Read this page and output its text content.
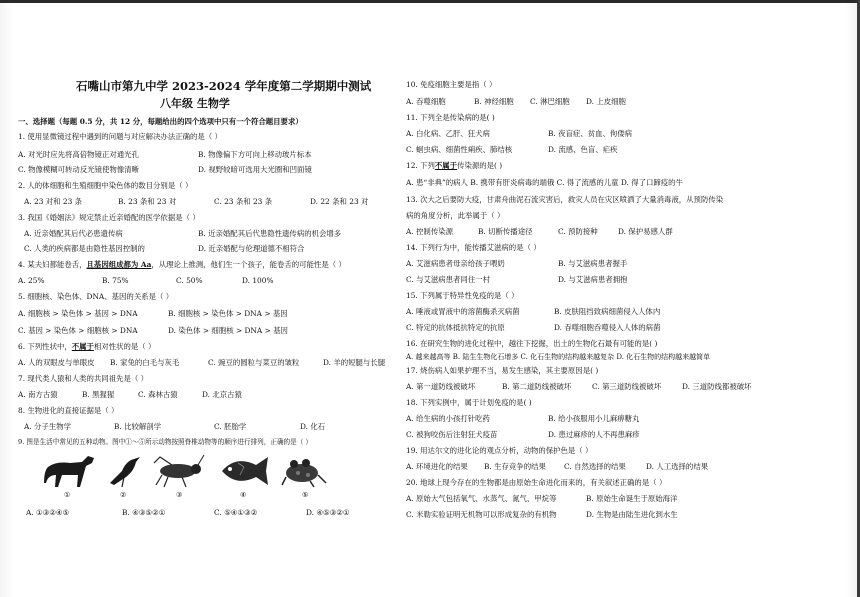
石嘴山市第九中学 2023-2024 学年度第二学期期中测试
八年级 生物学
一、选择题（每题 0.5 分，共 12 分，每题给出的四个选项中只有一个符合题目要求）
1. 使用显微镜过程中遇到的问题与对应解决办法正确的是（ ）
A. 对光时应先将高倍物镜正对通光孔	B. 物像偏下方可向上移动玻片标本
C. 物像模糊可转动反光镜使物像清晰	D. 视野较暗可选用大光圈和凹面镜
2. 人的体细胞和生殖细胞中染色体的数目分别是（ ）
A. 23 对和 23 条	B. 23 条和 23 对	C. 23 条和 23 条	D. 22 条和 23 对
3. 我国《婚姻法》规定禁止近亲婚配的医学依据是（ ）
A. 近亲婚配其后代必患遗传病	B. 近亲婚配其后代患隐性遗传病的机会增多
C. 人类的疾病都是由隐性基因控制的	D. 近亲婚配与伦理道德不相符合
4. 某夫妇都能卷舌，且基因组成都为 Aa，从理论上推测，他们生一个孩子，能卷舌的可能性是（ ）
A. 25%	B. 75%	C. 50%	D. 100%
5. 细胞核、染色体、DNA、基因的关系是（ ）
A. 细胞核 > 染色体 > 基因 > DNA	B. 细胞核 > 染色体 > DNA > 基因
C. 基因 > 染色体 > 细胞核 > DNA	D. 染色体 > 细胞核 > DNA > 基因
6. 下列性状中，不属于相对性状的是（ ）
A. 人的双眼皮与单眼皮 B. 家兔的白毛与灰毛	C. 豌豆的圆粒与菜豆的皱粒	D. 羊的短腿与长腿
7. 现代类人猿和人类的共同祖先是（ ）
A. 南方古猿	B. 黑猩猩	C. 森林古猿	D. 北京古猿
8. 生物进化的直接证据是（ ）
A. 分子生物学	B. 比较解剖学	C. 胚胎学	D. 化石
9. 图是生活中常见的五种动物。图中①～⑤所示动物按照脊椎动物等的顺序进行排列，正确的是（ ）
①	②	③	④	⑤
A. ①③②④⑤	B. ④③⑤②①	C. ⑤④①③②	D. ④⑤③②①
10. 免疫细胞主要是指（ ）
A. 吞噬细胞	B. 神经细胞 C. 淋巴细胞 D. 上皮细胞
11. 下列全是传染病的是( )
A. 白化病、乙肝、狂犬病	B. 夜盲症、贫血、佝偻病
C. 蛔虫病、细菌性痢疾、肺结核	D. 流感、色盲、疟疾
12. 下列不属于传染源的是( )
A. 患“非典”的病人 B. 携带有肝炎病毒的端俄 C. 得了流感的儿童 D. 得了口蹄疫的牛
13. 次大之后要防大疫，甘肃舟曲泥石流灾害后，救灾人员在灾区喷洒了大量消毒液，从预防传染
病的角度分析，此举属于（ ）
A. 控制传染源	B. 切断传播途径	C. 预防接种	D. 保护易感人群
14. 下列行为中，能传播艾滋病的是（ ）
A. 艾滋病患者母亲给孩子喂奶	B. 与艾滋病患者握手
C. 与艾滋病患者同住一村	D. 与艾滋病患者拥抱
15. 下列属于特异性免疫的是（ ）
A. 唾液或胃液中的溶菌酶杀灭病菌	B. 皮肤阻挡致病细菌侵入人体内
C. 特定的抗体抵抗特定的抗原	D. 吞噬细胞吞噬侵入人体的病菌
16. 在研究生物的进化过程中，越往下挖掘，出土的生物化石最有可能的是( )
A. 越来越高等 B. 陆生生物化石增多 C. 化石生物的结构越来越复杂 D. 化石生物的结构越来越简单
17. 烧伤病人如果护理不当，易发生感染，其主要原因是( )
A. 第一道防线被破坏	B. 第二道防线被破坏	C. 第三道防线被破坏	D. 三道防线都被破坏
18. 下列实例中，属于计划免疫的是( )
A. 给生病的小孩打针吃药	B. 给小孩服用小儿麻痹糖丸
C. 被狗咬伤后注射狂犬疫苗	D. 患过麻疹的人不再患麻疹
19. 用达尔文的进化论的观点分析，动物的保护色是（ ）
A. 环境进化的结果 B. 生存竞争的结果 C. 自然选择的结果	D. 人工选择的结果
20. 地球上现今存在的生物都是由原始生命进化而来的，有关叙述正确的是（ ）
A. 原始大气包括氧气、水蒸气、氮气、甲烷等	B. 原始生命诞生于原始海洋
C. 米勒实验证明无机物可以形成复杂的有机物	D. 生物是由陆生进化到水生
